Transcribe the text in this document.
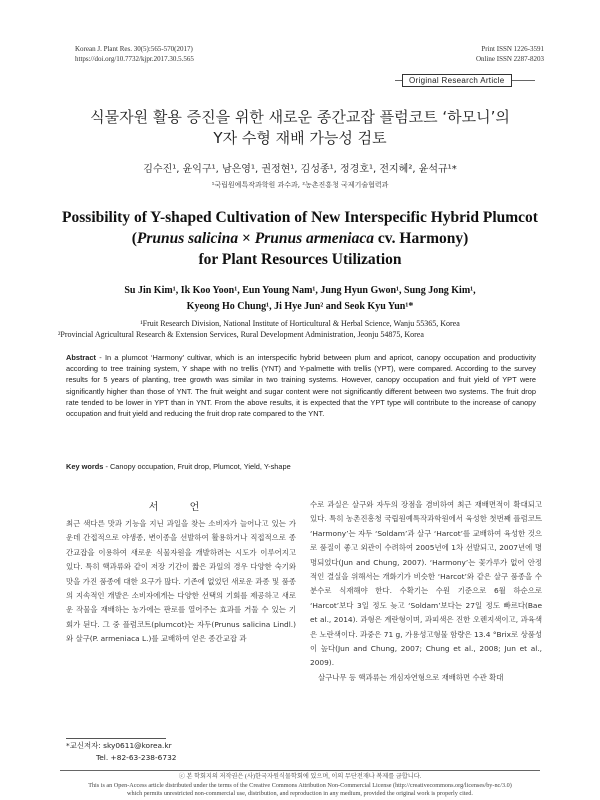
Korean J. Plant Res. 30(5):565-570(2017)
https://doi.org/10.7732/kjpr.2017.30.5.565
Print ISSN 1226-3591
Online ISSN 2287-8203
Original Research Article
식물자원 활용 증진을 위한 새로운 종간교잡 플럼코트 ‘하모니’의
Y자 수형 재배 가능성 검토
김수진¹, 윤익구¹, 남은영¹, 권정현¹, 김성종¹, 정경호¹, 전지혜², 윤석규¹*
¹국립원예특작과학원 과수과, ²농촌진흥청 국제기술협력과
Possibility of Y-shaped Cultivation of New Interspecific Hybrid Plumcot
(Prunus salicina × Prunus armeniaca cv. Harmony)
for Plant Resources Utilization
Su Jin Kim¹, Ik Koo Yoon¹, Eun Young Nam¹, Jung Hyun Gwon¹, Sung Jong Kim¹,
Kyeong Ho Chung¹, Ji Hye Jun² and Seok Kyu Yun¹*
¹Fruit Research Division, National Institute of Horticultural & Herbal Science, Wanju 55365, Korea
²Provincial Agricultural Research & Extension Services, Rural Development Administration, Jeonju 54875, Korea
Abstract - In a plumcot ‘Harmony’ cultivar, which is an interspecific hybrid between plum and apricot, canopy occupation and productivity according to tree training system, Y shape with no trellis (YNT) and Y-palmette with trellis (YPT), were compared. According to the survey results for 5 years of planting, tree growth was similar in two training systems. However, canopy occupation and fruit yield of YPT were significantly higher than those of YNT. The fruit weight and sugar content were not significantly different between two systems. The fruit drop rate tended to be lower in YPT than in YNT. From the above results, it is expected that the YPT type will contribute to the increase of canopy occupation and fruit yield and reducing the fruit drop rate compared to the YNT.
Key words - Canopy occupation, Fruit drop, Plumcot, Yield, Y-shape
서 언

최근 색다른 맛과 기능을 지닌 과일을 찾는 소비자가 늘어나고 있는 가운데 간접적으로 야생종, 변이종을 선발하여 활용하거나 직접적으로 종간교잡을 이용하여 새로운 식물자원을 개발하려는 시도가 이루어지고 있다. 특히 핵과류와 같이 저장 기간이 짧은 과일의 경우 다양한 숙기와 맛을 가진 품종에 대한 요구가 많다. 기존에 없었던 새로운 과종 및 품종의 지속적인 개발은 소비자에게는 다양한 선택의 기회를 제공하고 새로운 작물을 재배하는 농가에는 판로를 열어주는 효과를 거둘 수 있는 기회가 된다. 그 중 플럼코트(plumcot)는 자두(Prunus salicina Lindl.)와 살구(P. armeniaca L.)를 교배하여 얻은 종간교잡 과

수로 과실은 살구와 자두의 장점을 겸비하여 최근 재배면적이 확대되고 있다. 특히 농촌진흥청 국립원예특작과학원에서 육성한 첫번째 플럼코트 ‘Harmony’는 자두 ‘Soldam’과 살구 ‘Harcot’를 교배하여 육성한 것으로 품질이 좋고 외관이 수려하여 2005년에 1차 선발되고, 2007년에 명명되었다(Jun and Chung, 2007). ‘Harmony’는 꽃가루가 없어 안정적인 결실을 위해서는 개화기가 비슷한 ‘Harcot’와 같은 살구 품종을 수분수로 식재해야 한다. 수확기는 수원 기준으로 6월 하순으로 ‘Harcot’보다 3일 정도 늦고 ‘Soldam’보다는 27일 정도 빠르다(Bae et al., 2014). 과형은 계란형이며, 과피색은 진한 오렌지색이고, 과육색은 노란색이다. 과중은 71 g, 가용성고형물 함량은 13.4 °Brix로 상품성이 높다(Jun and Chung, 2007; Chung et al., 2008; Jun et al., 2009).

살구나무 등 핵과류는 개심자연형으로 재배하면 수관 확대

*교신저자: sky0611@korea.kr
Tel. +82-63-238-6732
ⓒ 본 학회지의 저작권은 (사)한국자원식물학회에 있으며, 이의 무단전재나 복제를 금합니다.
This is an Open-Access article distributed under the terms of the Creative Commons Attribution Non-Commercial License (http://creativecommons.org/licenses/by-nc/3.0)
which permits unrestricted non-commercial use, distribution, and reproduction in any medium, provided the original work is properly cited.
